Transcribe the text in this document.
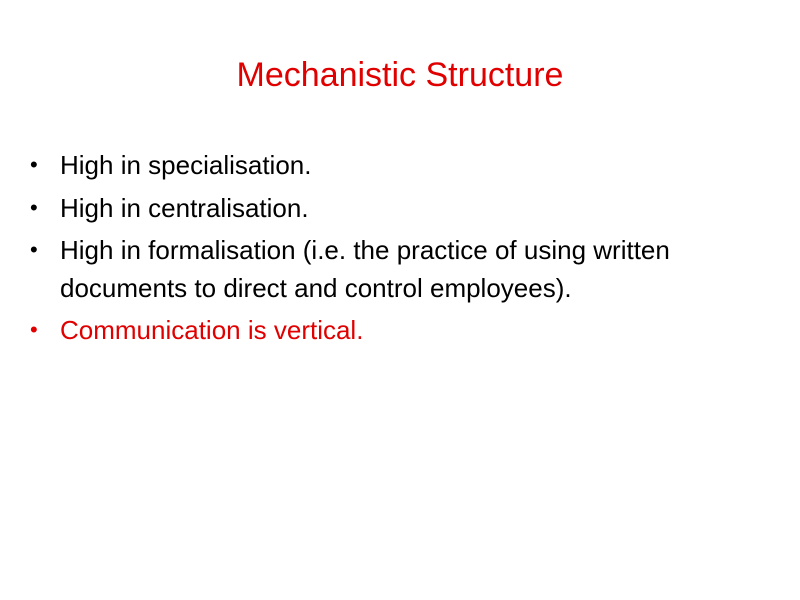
Mechanistic Structure
• High in specialisation.
• High in centralisation.
• High in formalisation (i.e. the practice of using written documents to direct and control employees).
• Communication is vertical.
